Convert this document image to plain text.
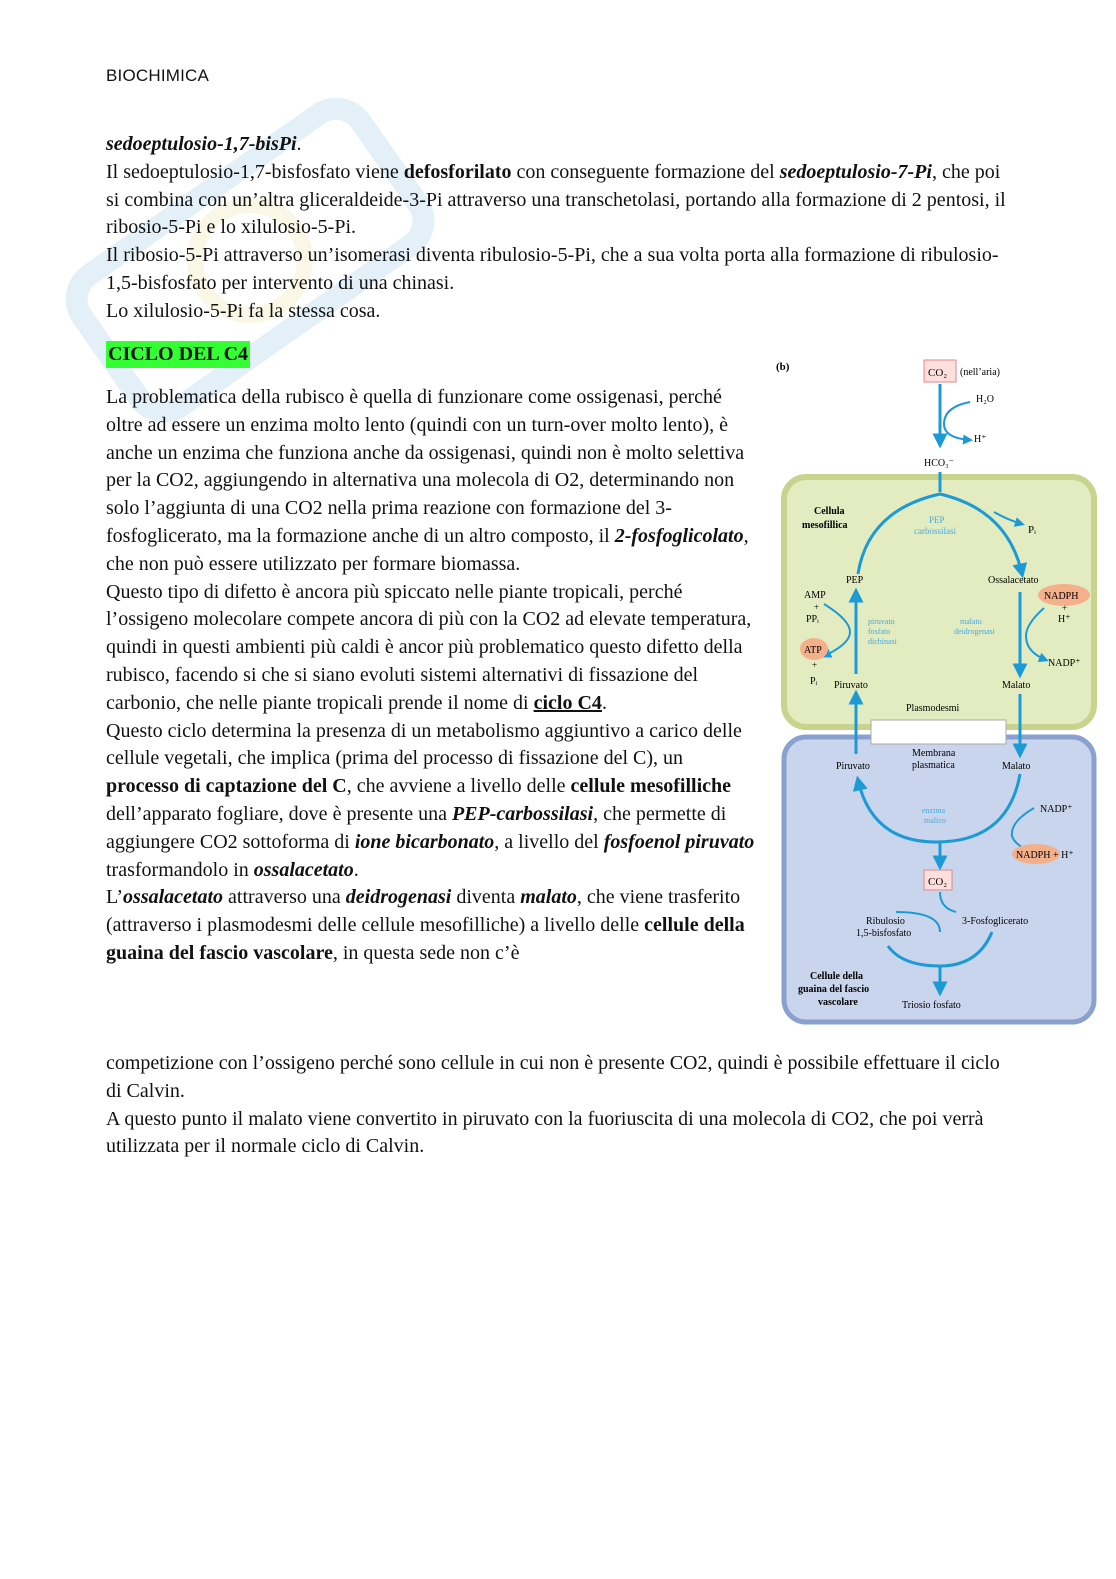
BIOCHIMICA

sedoeptulosio-1,7-bisPi.

Il sedoeptulosio-1,7-bisfosfato viene defosforilato con conseguente formazione del sedoeptulosio-7-Pi, che poi si combina con un’altra gliceraldeide-3-Pi attraverso una transchetolasi, portando alla formazione di 2 pentosi, il ribosio-5-Pi e lo xilulosio-5-Pi.

Il ribosio-5-Pi attraverso un’isomerasi diventa ribulosio-5-Pi, che a sua volta porta alla formazione di ribulosio-1,5-bisfosfato per intervento di una chinasi.

Lo xilulosio-5-Pi fa la stessa cosa.

CICLO DEL C4

La problematica della rubisco è quella di funzionare come ossigenasi, perché oltre ad essere un enzima molto lento (quindi con un turn-over molto lento), è anche un enzima che funziona anche da ossigenasi, quindi non è molto selettiva per la CO2, aggiungendo in alternativa una molecola di O2, determinando non solo l’aggiunta di una CO2 nella prima reazione con formazione del 3-fosfoglicerato, ma la formazione anche di un altro composto, il 2-fosfoglicolato, che non può essere utilizzato per formare biomassa.

Questo tipo di difetto è ancora più spiccato nelle piante tropicali, perché l’ossigeno molecolare compete ancora di più con la CO2 ad elevate temperatura, quindi in questi ambienti più caldi è ancor più problematico questo difetto della rubisco, facendo si che si siano evoluti sistemi alternativi di fissazione del carbonio, che nelle piante tropicali prende il nome di ciclo C4.

Questo ciclo determina la presenza di un metabolismo aggiuntivo a carico delle cellule vegetali, che implica (prima del processo di fissazione del C), un processo di captazione del C, che avviene a livello delle cellule mesofilliche dell’apparato fogliare, dove è presente una PEP-carbossilasi, che permette di aggiungere CO2 sottoforma di ione bicarbonato, a livello del fosfoenol piruvato trasformandolo in ossalacetato.

L’ossalacetato attraverso una deidrogenasi diventa malato, che viene trasferito (attraverso i plasmodesmi delle cellule mesofilliche) a livello delle cellule della guaina del fascio vascolare, in questa sede non c’è

competizione con l’ossigeno perché sono cellule in cui non è presente CO2, quindi è possibile effettuare il ciclo di Calvin.

A questo punto il malato viene convertito in piruvato con la fuoriuscita di una molecola di CO2, che poi verrà utilizzata per il normale ciclo di Calvin.

(b)	CO₂ (nell’aria)
H₂O
H⁺
HCO₃⁻
Cellula
mesofillica	PEP
carbossilasi	Pᵢ
PEP	Ossalacetato
AMP
+
PPᵢ	piruvato
fosfato
dichinasi
ATP
+
Pᵢ Piruvato
NADPH
+
H⁺
malato
deidrogenasi
NADP⁺
Malato
Plasmodesmi
Membrana
plasmatica
Piruvato	Malato
enzima
malico
NADP⁺
NADPH + H⁺
CO₂
Ribulosio
1,5-bisfosfato
3-Fosfoglicerato
Cellule della
guaina del fascio
vascolare	Triosio fosfato
